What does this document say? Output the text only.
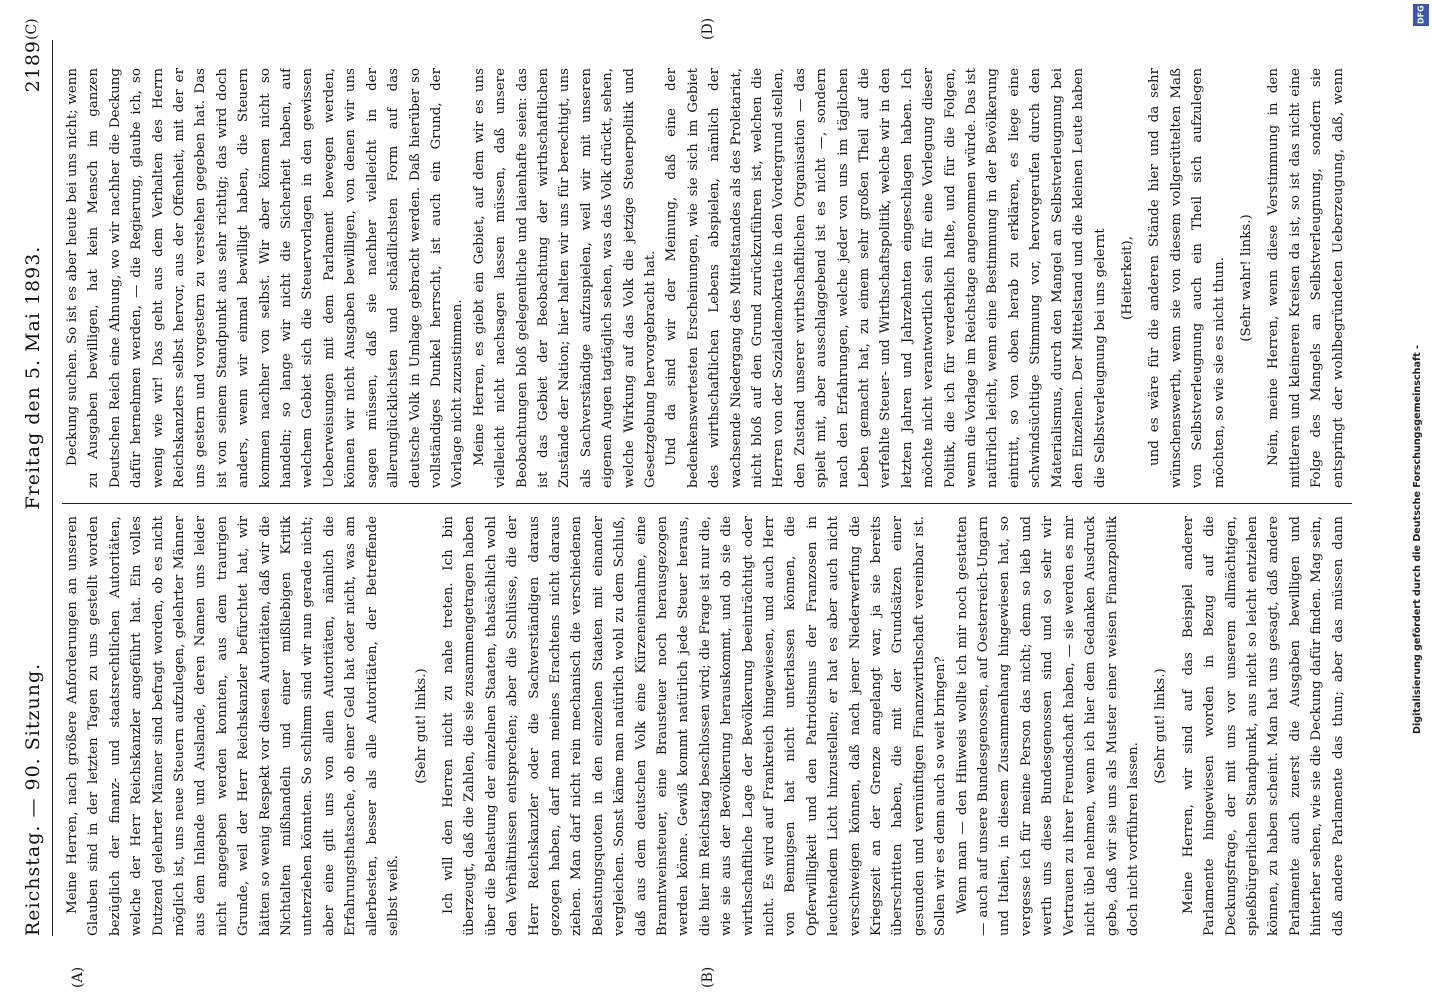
Reichstag. — 90. Sitzung.
Freitag den 5. Mai 1893.
2189

Meine Herren, nach größere Anforderungen an unseren Glauben sind in der letzten Tagen zu uns gestellt worden bezüglich der finanz- und staatsrechtlichen Autoritäten, welche der Herr Reichskanzler angeführt hat. Ein volles Dutzend gelehrter Männer sind befragt worden, ob es nicht möglich ist, uns neue Steuern aufzulegen, gelehrter Männer aus dem Inlande und Auslande, deren Namen uns leider nicht angegeben werden konnten, aus dem traurigen Grunde, weil der Herr Reichskanzler befürchtet hat, wir hätten so wenig Respekt vor diesen Autoritäten, daß wir die Nichtalten mißhandeln und einer mißliebigen Kritik unterziehen könnten. So schlimm sind wir nun gerade nicht; aber eine gilt uns von allen Autoritäten, nämlich die Erfahrungsthatsache, ob einer Geld hat oder nicht, was am allerbesten, besser als alle Autoritäten, der Betreffende selbst weiß.

(Sehr gut! links.) Ich will den Herren nicht zu nahe treten. Ich bin überzeugt, daß die Zahlen, die sie zusammengetragen haben über die Belastung der einzelnen Staaten, thatsächlich wohl den Verhältnissen entsprechen; aber die Schlüsse, die der Herr Reichskanzler oder die Sachverständigen daraus gezogen haben, darf man meines Erachtens nicht daraus ziehen. Man darf nicht rein mechanisch die verschiedenen Belastungsquoten in den einzelnen Staaten mit einander vergleichen. Sonst käme man natürlich wohl zu dem Schluß, daß aus dem deutschen Volk eine Kürzeneinnahme, eine Branntweinsteuer, eine Brausteuer noch herausgezogen werden könne. Gewiß kommt natürlich jede Steuer heraus, die hier im Reichstag beschlossen wird; die Frage ist nur die, wie sie aus der Bevölkerung herauskommt, und ob sie die wirthschaftliche Lage der Bevölkerung beeinträchtigt oder nicht. Es wird auf Frankreich hingewiesen, und auch Herr von Bennigsen hat nicht unterlassen können, die Opferwilligkeit und den Patriotismus der Franzosen in leuchtendem Licht hinzustellen; er hat es aber auch nicht verschweigen können, daß nach jener Niederwerfung die Kriegszeit an der Grenze angelangt war, ja sie bereits überschritten haben, die mit der Grundsätzen einer gesunden und vernünftigen Finanzwirthschaft vereinbar ist. Sollen wir es denn auch so weit bringen? Wenn man — den Hinweis wollte ich mir noch gestatten — auch auf unsere Bundesgenossen, auf Oesterreich-Ungarn und Italien, in diesem Zusammenhang hingewiesen hat, so vergesse ich für meine Person das nicht; denn so lieb und werth uns diese Bundesgenossen sind und so sehr wir Vertrauen zu ihrer Freundschaft haben, — sie werden es mir nicht übel nehmen, wenn ich hier dem Gedanken Ausdruck gebe, daß wir sie uns als Muster einer weisen Finanzpolitik doch nicht vorführen lassen.

(Sehr gut! links.)

Meine Herren, wir sind auf das Beispiel anderer Parlamente hingewiesen worden in Bezug auf die Deckungsfrage, der mit uns vor unserem allmächtigen, spießbürgerlichen Standpunkt, aus nicht so leicht entziehen können, zu haben scheint. Man hat uns gesagt, daß andere Parlamente auch zuerst die Ausgaben bewilligen und hinterher sehen, wie sie die Deckung dafür finden. Mag sein, daß andere Parlamente das thun; aber das müssen dann

Deckung suchen. So ist es aber heute bei uns nicht; wenn zu Ausgaben bewilligen, hat kein Mensch im ganzen Deutschen Reich eine Ahnung, wo wir nachher die Deckung dafür hernehmen werden, — die Regierung, glaube ich, so wenig wie wir! Das geht aus dem Verhalten des Herrn Reichskanzlers selbst hervor, aus der Offenheit, mit der er uns gestern und vorgestern zu verstehen gegeben hat. Das ist von seinem Standpunkt aus sehr richtig; das wird doch anders, wenn wir einmal bewilligt haben, die Steuern kommen nachher von selbst. Wir aber können nicht so handeln; so lange wir nicht die Sicherheit haben, auf welchem Gebiet sich die Steuervorlagen in den gewissen Ueberweisungen mit dem Parlament bewegen werden, können wir nicht Ausgaben bewilligen, von denen wir uns sagen müssen, daß sie nachher vielleicht in der allerunglücklichsten und schädlichsten Form auf das deutsche Volk in Umlage gebracht werden. Daß hierüber so vollständiges Dunkel herrscht, ist auch ein Grund, der Vorlage nicht zuzustimmen. Meine Herren, es giebt ein Gebiet, auf dem wir es uns vielleicht nicht nachsagen lassen müssen, daß unsere Beobachtungen bloß gelegentliche und laienhafte seien: das ist das Gebiet der Beobachtung der wirthschaftlichen Zustände der Nation; hier halten wir uns für berechtigt, uns als Sachverständige aufzuspielen, weil wir mit unseren eigenen Augen tagtäglich sehen, was das Volk drückt, sehen, welche Wirkung auf das Volk die jetzige Steuerpolitik und Gesetzgebung hervorgebracht hat. Und da sind wir der Meinung, daß eine der bedenkenswertesten Erscheinungen, wie sie sich im Gebiet des wirthschaftlichen Lebens abspielen, nämlich der wachsende Niedergang des Mittelstandes als des Proletariat, nicht bloß auf den Grund zurückzuführen ist, welchen die Herren von der Sozialdemokratie in den Vordergrund stellen, den Zustand unserer wirthschaftlichen Organisation — das spielt mit, aber ausschlaggebend ist es nicht —, sondern nach den Erfahrungen, welche jeder von uns im täglichen Leben gemacht hat, zu einem sehr großen Theil auf die verfehlte Steuer- und Wirthschaftspolitik, welche wir in den letzten Jahren und Jahrzehnten eingeschlagen haben. Ich möchte nicht verantwortlich sein für eine Vorlegung dieser Politik, die ich für verderblich halte, und für die Folgen, wenn die Vorlage im Reichstage angenommen würde. Das ist natürlich leicht, wenn eine Bestimmung in der Bevölkerung eintritt, so von oben herab zu erklären, es liege eine schwindsüchtige Stimmung vor, hervorgerufen durch den Materialismus, durch den Mangel an Selbstverleugnung bei den Einzelnen. Der Mittelstand und die kleinen Leute haben die Selbstverleugnung bei uns gelernt (Heiterkeit), und es wäre für die anderen Stände hier und da sehr wünschenswerth, wenn sie von diesem vollgerüttelten Maß von Selbstverleugnung auch ein Theil sich aufzulegen möchten, so wie sie es nicht thun. (Sehr wahr! links.)

Nein, meine Herren, wenn diese Verstimmung in den mittleren und kleineren Kreisen da ist, so ist das nicht eine Folge des Mangels an Selbstverleugnung, sondern sie entspringt der wohlbegründeten Ueberzeugung, daß, wenn

(A)	(B)
(C)	(D)
DFG
Digitalisierung gefördert durch die Deutsche Forschungsgemeinschaft -
